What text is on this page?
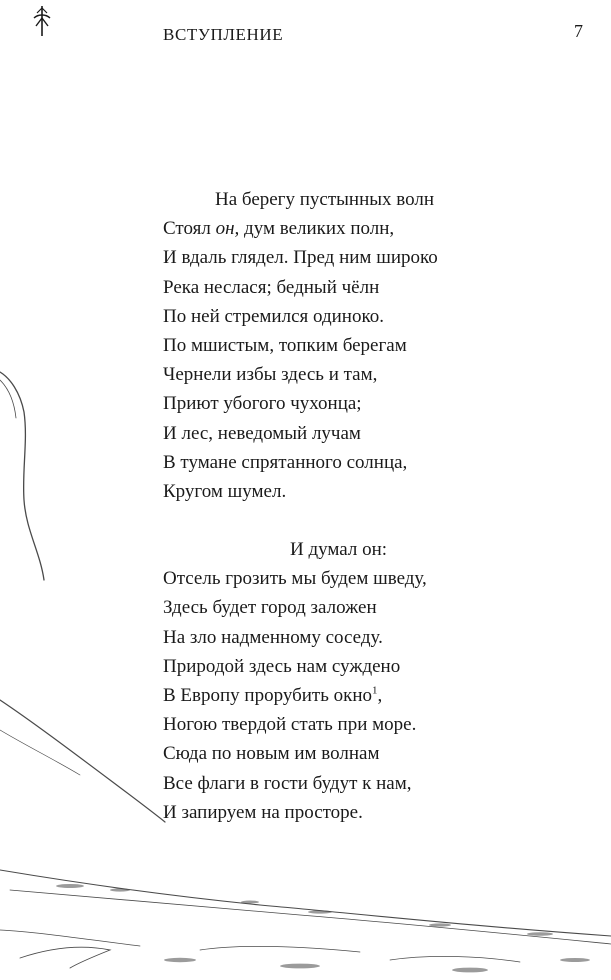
ВСТУПЛЕНИЕ	7
На берегу пустынных волн
Стоял он, дум великих полн,
И вдаль глядел. Пред ним широко
Река неслася; бедный чёлн
По ней стремился одиноко.
По мшистым, топким берегам
Чернели избы здесь и там,
Приют убогого чухонца;
И лес, неведомый лучам
В тумане спрятанного солнца,
Кругом шумел.
И думал он:
Отсель грозить мы будем шведу,
Здесь будет город заложен
На зло надменному соседу.
Природой здесь нам суждено
В Европу прорубить окно$^1$,
Ногою твердой стать при море.
Сюда по новым им волнам
Все флаги в гости будут к нам,
И запируем на просторе.
